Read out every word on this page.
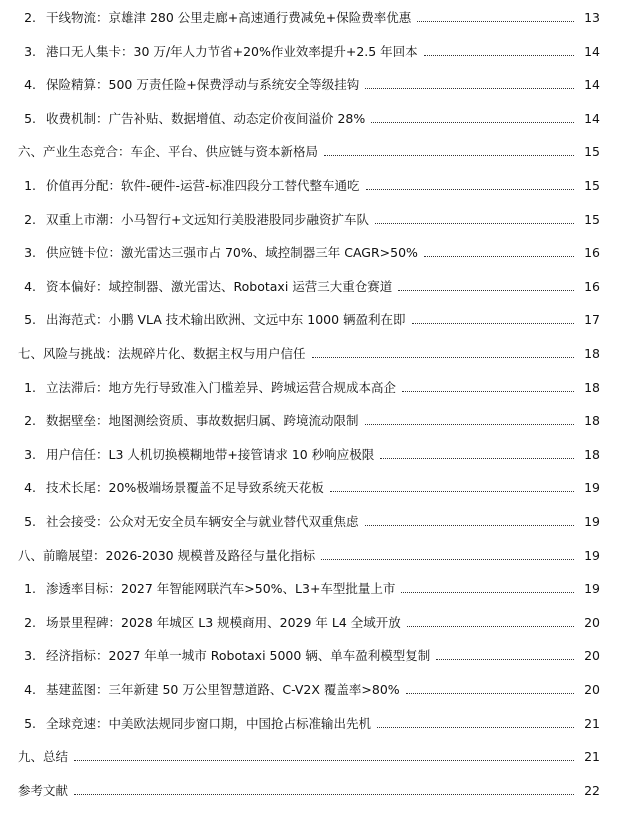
2. 干线物流：京雄津 280 公里走廊+高速通行费减免+保险费率优惠	13
3. 港口无人集卡：30 万/年人力节省+20%作业效率提升+2.5 年回本	14
4. 保险精算：500 万责任险+保费浮动与系统安全等级挂钩	14
5. 收费机制：广告补贴、数据增值、动态定价夜间溢价 28%	14
六、产业生态竞合：车企、平台、供应链与资本新格局	15
1. 价值再分配：软件-硬件-运营-标准四段分工替代整车通吃	15
2. 双重上市潮：小马智行+文远知行美股港股同步融资扩车队	15
3. 供应链卡位：激光雷达三强市占 70%、域控制器三年 CAGR>50%	16
4. 资本偏好：域控制器、激光雷达、Robotaxi 运营三大重仓赛道	16
5. 出海范式：小鹏 VLA 技术输出欧洲、文远中东 1000 辆盈利在即	17
七、风险与挑战：法规碎片化、数据主权与用户信任	18
1. 立法滞后：地方先行导致准入门槛差异、跨城运营合规成本高企	18
2. 数据壁垒：地图测绘资质、事故数据归属、跨境流动限制	18
3. 用户信任：L3 人机切换模糊地带+接管请求 10 秒响应极限	18
4. 技术长尾：20%极端场景覆盖不足导致系统天花板	19
5. 社会接受：公众对无安全员车辆安全与就业替代双重焦虑	19
八、前瞻展望：2026-2030 规模普及路径与量化指标	19
1. 渗透率目标：2027 年智能网联汽车>50%、L3+车型批量上市	19
2. 场景里程碑：2028 年城区 L3 规模商用、2029 年 L4 全域开放	20
3. 经济指标：2027 年单一城市 Robotaxi 5000 辆、单车盈利模型复制	20
4. 基建蓝图：三年新建 50 万公里智慧道路、C-V2X 覆盖率>80%	20
5. 全球竞速：中美欧法规同步窗口期，中国抢占标准输出先机	21
九、总结	21
参考文献	22
